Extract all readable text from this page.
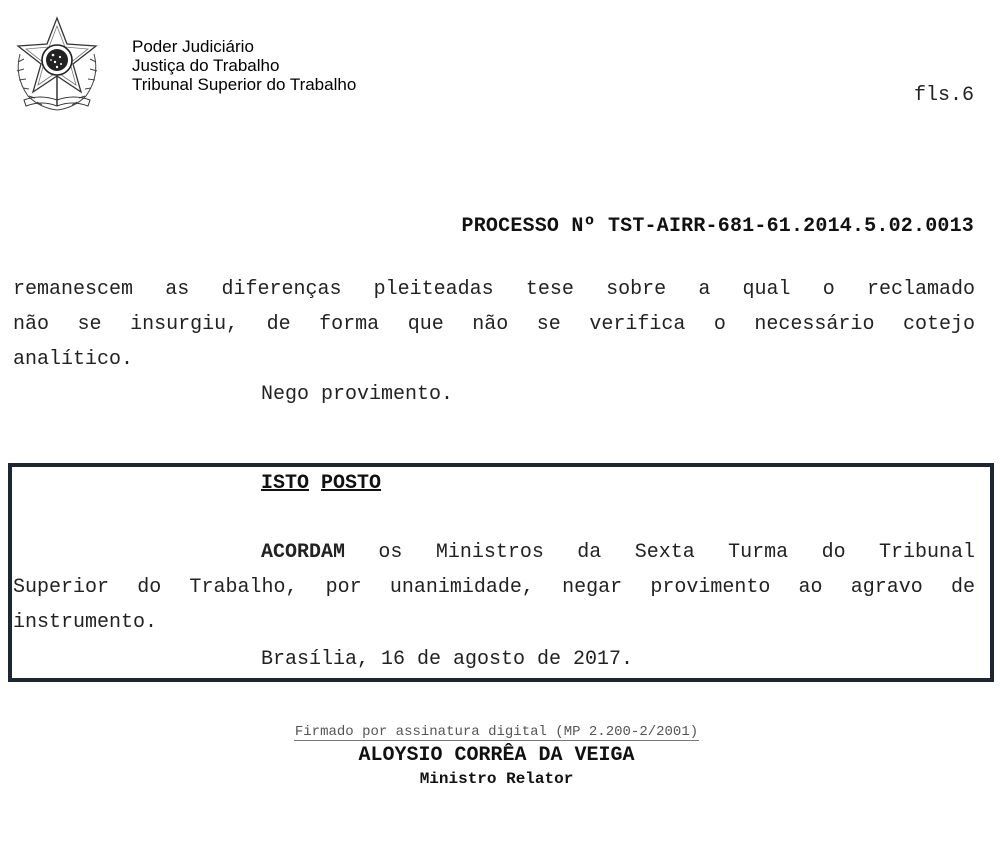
Poder Judiciário
Justiça do Trabalho
Tribunal Superior do Trabalho	fls.6
PROCESSO Nº TST-AIRR-681-61.2014.5.02.0013
remanescem as diferenças pleiteadas tese sobre a qual o reclamado
não se insurgiu, de forma que não se verifica o necessário cotejo
analítico.
Nego provimento.
ISTO POSTO
ACORDAM os Ministros da Sexta Turma do Tribunal
Superior do Trabalho, por unanimidade, negar provimento ao agravo de
instrumento.
Brasília, 16 de agosto de 2017.
Firmado por assinatura digital (MP 2.200-2/2001)
ALOYSIO CORRÊA DA VEIGA
Ministro Relator
